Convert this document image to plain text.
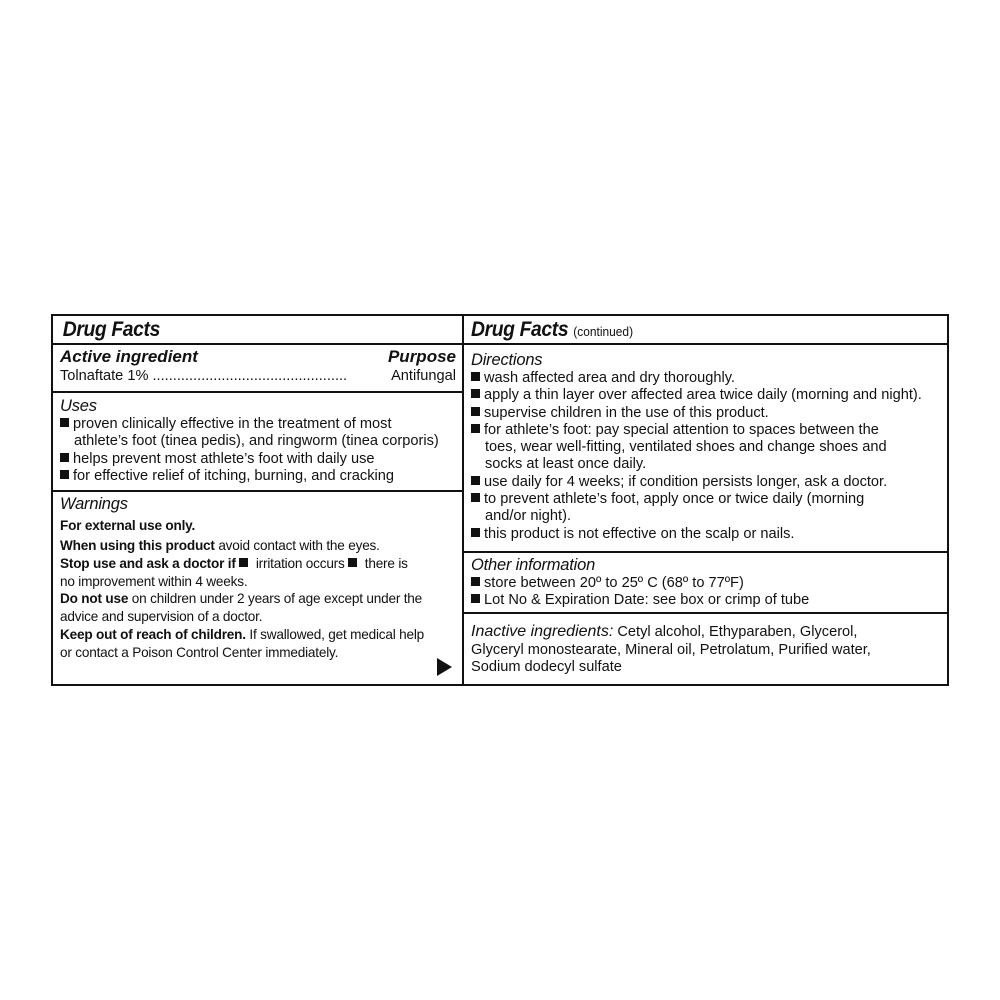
Drug Facts
Active ingredient	Purpose
Tolnaftate 1% ................................................	Antifungal
Uses
proven clinically effective in the treatment of most
athlete’s foot (tinea pedis), and ringworm (tinea corporis)
helps prevent most athlete’s foot with daily use
for effective relief of itching, burning, and cracking
Warnings
For external use only.
When using this product avoid contact with the eyes.
Stop use and ask a doctor if  irritation occurs  there is
no improvement within 4 weeks.
Do not use on children under 2 years of age except under the
advice and supervision of a doctor.
Keep out of reach of children. If swallowed, get medical help
or contact a Poison Control Center immediately.
Drug Facts (continued)
Directions
wash affected area and dry thoroughly.
apply a thin layer over affected area twice daily (morning and night).
supervise children in the use of this product.
for athlete’s foot: pay special attention to spaces between the
toes, wear well-fitting, ventilated shoes and change shoes and
socks at least once daily.
use daily for 4 weeks; if condition persists longer, ask a doctor.
to prevent athlete’s foot, apply once or twice daily (morning
and/or night).
this product is not effective on the scalp or nails.
Other information
store between 20º to 25º C (68º to 77ºF)
Lot No & Expiration Date: see box or crimp of tube
Inactive ingredients: Cetyl alcohol, Ethyparaben, Glycerol,
Glyceryl monostearate, Mineral oil, Petrolatum, Purified water,
Sodium dodecyl sulfate
